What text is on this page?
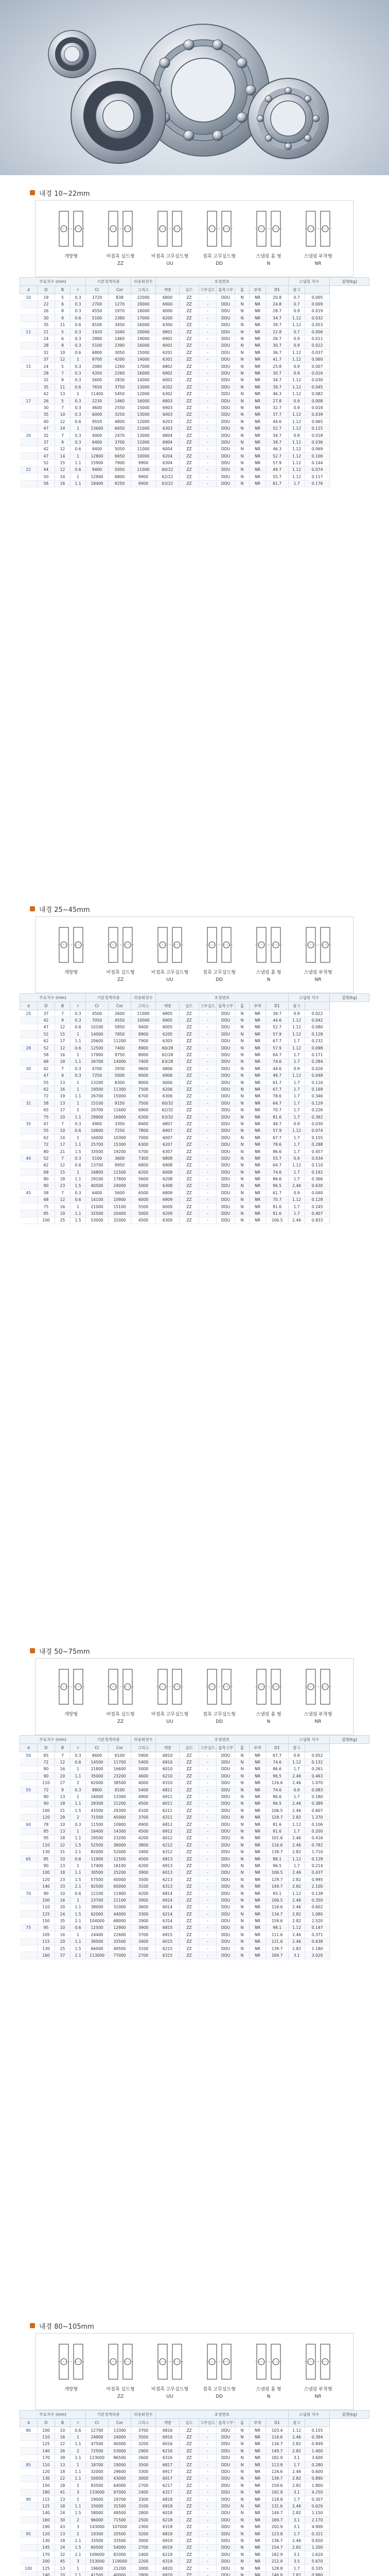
내경 10~22mm
개방형	비접촉 실드형
ZZ
비접촉 고무실드형
UU
접촉 고무실드형
DD
스냅링 홈 형
N
스냅링 부착형
NR
주요치수 (mm)				기본정격하중		허용회전수	호칭번호							스냅링 치수		질량(kg)
d	D	B	r	Cr	Cor	그리스	개방	실드	고무실드	접촉고무	홈	부착	D1	참고		
10	19	5	0.3	1720	838	22000	6800	ZZ	-	DDU	N	NR	20.8	0.7	0.005	
	22	6	0.3	2700	1270	20000	6900	ZZ	-	DDU	N	NR	24.8	0.7	0.009	
	26	8	0.3	4550	1970	18000	6000	ZZ	-	DDU	N	NR	28.7	0.9	0.019	
	30	9	0.6	5100	2390	17000	6200	ZZ	-	DDU	N	NR	34.7	1.12	0.032	
	35	11	0.6	8100	3450	16000	6300	ZZ	-	DDU	N	NR	39.7	1.12	0.053	
12	21	5	0.3	1920	1040	20000	6801	ZZ	-	DDU	N	NR	22.8	0.7	0.006	
	24	6	0.3	2890	1460	19000	6901	ZZ	-	DDU	N	NR	26.7	0.9	0.011	
	28	8	0.3	5100	2390	16000	6001	ZZ	-	DDU	N	NR	30.7	0.9	0.022	
	32	10	0.6	6800	3050	15000	6201	ZZ	-	DDU	N	NR	36.7	1.12	0.037	
	37	12	1	9700	4200	14000	6301	ZZ	-	DDU	N	NR	41.7	1.12	0.060	
15	24	5	0.3	2080	1260	17000	6802	ZZ	-	DDU	N	NR	25.8	0.9	0.007	
	28	7	0.3	4350	2260	16000	6902	ZZ	-	DDU	N	NR	30.7	0.9	0.016	
	32	9	0.3	5600	2830	14000	6002	ZZ	-	DDU	N	NR	34.7	1.12	0.030	
	35	11	0.6	7650	3750	13000	6202	ZZ	-	DDU	N	NR	39.7	1.12	0.045	
	42	13	1	11400	5450	12000	6302	ZZ	-	DDU	N	NR	46.3	1.12	0.082	
17	26	5	0.3	2230	1460	16000	6803	ZZ	-	DDU	N	NR	27.8	0.9	0.008	
	30	7	0.3	4600	2550	15000	6903	ZZ	-	DDU	N	NR	32.7	0.9	0.018	
	35	10	0.3	6000	3250	13000	6003	ZZ	-	DDU	N	NR	37.7	1.12	0.039	
	40	12	0.6	9550	4800	12000	6203	ZZ	-	DDU	N	NR	44.6	1.12	0.065	
	47	14	1	13600	6650	11000	6303	ZZ	-	DDU	N	NR	52.7	1.12	0.115	
20	32	7	0.3	4000	2470	13000	6804	ZZ	-	DDU	N	NR	34.7	0.9	0.018	
	37	9	0.3	6400	3700	12000	6904	ZZ	-	DDU	N	NR	39.7	1.12	0.036	
	42	12	0.6	9400	5050	11000	6004	ZZ	-	DDU	N	NR	46.3	1.12	0.069	
	47	14	1	12800	6650	10000	6204	ZZ	-	DDU	N	NR	52.7	1.12	0.106	
	52	15	1.1	15900	7900	9900	6304	ZZ	-	DDU	N	NR	57.9	1.12	0.144	
22	44	12	0.6	9400	5050	11000	60/22	ZZ	-	DDU	N	NR	49.7	1.12	0.074	
	50	14	1	12900	6800	9900	62/22	ZZ	-	DDU	N	NR	55.7	1.12	0.117	
	56	16	1.1	18400	9250	9400	63/22	ZZ	-	DDU	N	NR	61.7	1.7	0.176	
내경 25~45mm
개방형	비접촉 실드형
ZZ
비접촉 고무실드형
UU
접촉 고무실드형
DD
스냅링 홈 형
N
스냅링 부착형
NR
주요치수 (mm)				기본정격하중		허용회전수	호칭번호							스냅링 치수		질량(kg)
d	D	B	r	Cr	Cor	그리스	개방	실드	고무실드	접촉고무	홈	부착	D1	참고		
25	37	7	0.3	4500	2600	11000	6805	ZZ	-	DDU	N	NR	39.7	0.9	0.022	
	42	9	0.3	7050	4550	10000	6905	ZZ	-	DDU	N	NR	44.6	1.12	0.042	
	47	12	0.6	10100	5850	9400	6005	ZZ	-	DDU	N	NR	52.7	1.12	0.080	
	52	15	1	14000	7850	8900	6205	ZZ	-	DDU	N	NR	57.9	1.12	0.128	
	62	17	1.1	20600	11200	7900	6305	ZZ	-	DDU	N	NR	67.7	1.7	0.232	
28	52	12	0.6	12500	7400	8900	60/28	ZZ	-	DDU	N	NR	57.9	1.12	0.098	
	58	16	1	17900	9750	8000	62/28	ZZ	-	DDU	N	NR	64.7	1.7	0.171	
	68	18	1.1	26700	14000	7400	63/28	ZZ	-	DDU	N	NR	74.6	1.7	0.284	
30	42	7	0.3	4700	2930	9600	6806	ZZ	-	DDU	N	NR	44.6	0.9	0.026	
	47	9	0.3	7250	5000	9000	6906	ZZ	-	DDU	N	NR	49.7	1.12	0.048	
	55	13	1	13200	8300	8000	6006	ZZ	-	DDU	N	NR	61.7	1.7	0.116	
	62	16	1	19500	11300	7500	6206	ZZ	-	DDU	N	NR	67.7	1.7	0.199	
	72	19	1.1	26700	15000	6700	6306	ZZ	-	DDU	N	NR	78.6	1.7	0.346	
32	58	13	1	15100	9150	7500	60/32	ZZ	-	DDU	N	NR	64.7	1.7	0.129	
	65	17	1	20700	11600	6900	62/32	ZZ	-	DDU	N	NR	70.7	1.7	0.226	
	75	20	1.1	29900	16900	6300	63/32	ZZ	-	DDU	N	NR	81.6	1.7	0.392	
35	47	7	0.3	4900	3350	8400	6807	ZZ	-	DDU	N	NR	49.7	0.9	0.030	
	55	10	0.6	10600	7250	7800	6907	ZZ	-	DDU	N	NR	57.9	1.12	0.074	
	62	14	1	16000	10300	7000	6007	ZZ	-	DDU	N	NR	67.7	1.7	0.155	
	72	17	1.1	25700	15300	6300	6207	ZZ	-	DDU	N	NR	78.6	1.7	0.288	
	80	21	1.5	33500	19200	5700	6307	ZZ	-	DDU	N	NR	86.6	1.7	0.457	
40	52	7	0.3	5100	3600	7300	6808	ZZ	-	DDU	N	NR	55.7	0.9	0.034	
	62	12	0.6	13700	9950	6800	6908	ZZ	-	DDU	N	NR	64.7	1.12	0.110	
	68	15	1	16800	11500	6200	6008	ZZ	-	DDU	N	NR	74.6	1.7	0.192	
	80	18	1.1	29100	17800	5600	6208	ZZ	-	DDU	N	NR	86.6	1.7	0.366	
	90	23	1.5	40500	24000	5000	6308	ZZ	-	DDU	N	NR	96.5	2.46	0.630	
45	58	7	0.3	6400	5600	6500	6809	ZZ	-	DDU	N	NR	61.7	0.9	0.040	
	68	12	0.6	14100	10900	6000	6909	ZZ	-	DDU	N	NR	70.7	1.12	0.128	
	75	16	1	21000	15100	5500	6009	ZZ	-	DDU	N	NR	81.6	1.7	0.245	
	85	19	1.1	32500	20400	5000	6209	ZZ	-	DDU	N	NR	91.6	1.7	0.407	
	100	25	1.5	53000	32000	4500	6309	ZZ	-	DDU	N	NR	106.5	2.46	0.833	
내경 50~75mm
개방형	비접촉 실드형
ZZ
비접촉 고무실드형
UU
접촉 고무실드형
DD
스냅링 홈 형
N
스냅링 부착형
NR
주요치수 (mm)				기본정격하중		허용회전수	호칭번호							스냅링 치수		질량(kg)
d	D	B	r	Cr	Cor	그리스	개방	실드	고무실드	접촉고무	홈	부착	D1	참고		
50	65	7	0.3	6600	6100	5900	6810	ZZ	-	DDU	N	NR	67.7	0.9	0.052	
	72	12	0.6	14500	11700	5400	6910	ZZ	-	DDU	N	NR	74.6	1.12	0.132	
	80	16	1	21800	16600	5000	6010	ZZ	-	DDU	N	NR	86.6	1.7	0.261	
	90	20	1.1	35000	23200	4600	6210	ZZ	-	DDU	N	NR	96.5	2.46	0.463	
	110	27	2	62000	38500	4000	6310	ZZ	-	DDU	N	NR	116.6	2.46	1.070	
55	72	9	0.3	8800	8100	5400	6811	ZZ	-	DDU	N	NR	74.6	0.9	0.083	
	80	13	1	16000	13300	4900	6911	ZZ	-	DDU	N	NR	86.6	1.7	0.180	
	90	18	1.1	28300	21200	4500	6011	ZZ	-	DDU	N	NR	96.5	2.46	0.389	
	100	21	1.5	43500	29300	4100	6211	ZZ	-	DDU	N	NR	106.5	2.46	0.607	
	120	29	2	71500	45000	3700	6311	ZZ	-	DDU	N	NR	129.7	2.82	1.370	
60	78	10	0.3	11500	10900	4900	6812	ZZ	-	DDU	N	NR	81.6	1.12	0.106	
	85	13	1	16400	14300	4500	6912	ZZ	-	DDU	N	NR	91.6	1.7	0.200	
	95	18	1.1	29500	23200	4200	6012	ZZ	-	DDU	N	NR	101.6	2.46	0.416	
	110	22	1.5	52500	36000	3800	6212	ZZ	-	DDU	N	NR	116.6	2.46	0.782	
	130	31	2.1	82000	52000	3400	6312	ZZ	-	DDU	N	NR	139.7	2.82	1.710	
65	85	10	0.6	11900	11500	4500	6813	ZZ	-	DDU	N	NR	88.1	1.12	0.128	
	90	13	1	17400	16100	4200	6913	ZZ	-	DDU	N	NR	96.5	1.7	0.214	
	100	18	1.1	30500	25200	3900	6013	ZZ	-	DDU	N	NR	106.5	2.46	0.437	
	120	23	1.5	57500	40000	3500	6213	ZZ	-	DDU	N	NR	129.7	2.82	0.995	
	140	33	2.1	92500	60000	3100	6313	ZZ	-	DDU	N	NR	149.7	2.82	2.100	
70	90	10	0.6	12100	11900	4200	6814	ZZ	-	DDU	N	NR	93.1	1.12	0.138	
	100	16	1	23700	21100	3900	6914	ZZ	-	DDU	N	NR	106.5	2.46	0.350	
	110	20	1.1	38000	31000	3600	6014	ZZ	-	DDU	N	NR	116.6	2.46	0.602	
	125	24	1.5	62000	44000	3300	6214	ZZ	-	DDU	N	NR	134.7	2.82	1.080	
	150	35	2.1	104000	68000	2900	6314	ZZ	-	DDU	N	NR	159.6	2.82	2.520	
75	95	10	0.6	12500	12900	3900	6815	ZZ	-	DDU	N	NR	98.1	1.12	0.147	
	105	16	1	24400	22600	3700	6915	ZZ	-	DDU	N	NR	111.6	2.46	0.371	
	115	20	1.1	39500	33500	3400	6015	ZZ	-	DDU	N	NR	121.6	2.46	0.638	
	130	25	1.5	66000	49500	3100	6215	ZZ	-	DDU	N	NR	139.7	2.82	1.180	
	160	37	2.1	113000	77000	2700	6315	ZZ	-	DDU	N	NR	169.7	3.1	3.020	
내경 80~105mm
개방형	비접촉 실드형
ZZ
비접촉 고무실드형
UU
접촉 고무실드형
DD
스냅링 홈 형
N
스냅링 부착형
NR
주요치수 (mm)				기본정격하중		허용회전수	호칭번호							스냅링 치수		질량(kg)
d	D	B	r	Cr	Cor	그리스	개방	실드	고무실드	접촉고무	홈	부착	D1	참고		
80	100	10	0.6	12700	13300	3700	6816	ZZ	-	DDU	N	NR	103.4	1.12	0.155	
	110	16	1	24900	24000	3500	6916	ZZ	-	DDU	N	NR	116.6	2.46	0.394	
	125	22	1.1	47500	40000	3200	6016	ZZ	-	DDU	N	NR	134.7	2.82	0.849	
	140	26	2	72500	53000	2900	6216	ZZ	-	DDU	N	NR	149.7	2.82	1.400	
	170	39	2.1	123000	86500	2600	6316	ZZ	-	DDU	N	NR	182.9	3.1	3.600	
85	110	13	1	18700	19000	3500	6817	ZZ	-	DDU	N	NR	113.8	1.7	0.280	
	120	18	1.1	32000	29600	3300	6917	ZZ	-	DDU	N	NR	126.6	2.46	0.600	
	130	22	1.1	50000	43000	3000	6017	ZZ	-	DDU	N	NR	139.7	2.82	0.890	
	150	28	2	83500	64000	2700	6217	ZZ	-	DDU	N	NR	159.6	2.82	1.800	
	180	41	3	133000	97000	2400	6317	ZZ	-	DDU	N	NR	192.9	3.1	4.250	
90	115	13	1	19000	19700	3300	6818	ZZ	-	DDU	N	NR	118.8	1.7	0.307	
	125	18	1.1	33000	31500	3100	6918	ZZ	-	DDU	N	NR	131.6	2.46	0.620	
	140	24	1.5	58000	49500	2800	6018	ZZ	-	DDU	N	NR	149.7	2.82	1.150	
	160	30	2	96000	71500	2500	6218	ZZ	-	DDU	N	NR	169.7	3.1	2.170	
	190	43	3	143000	107000	2300	6318	ZZ	-	DDU	N	NR	202.9	3.1	4.900	
95	120	13	1	19300	20500	3200	6819	ZZ	-	DDU	N	NR	123.8	1.7	0.321	
	130	18	1.1	33500	33500	3000	6919	ZZ	-	DDU	N	NR	136.7	2.46	0.650	
	145	24	1.5	60500	54000	2700	6019	ZZ	-	DDU	N	NR	154.7	2.82	1.200	
	170	32	2.1	109000	82000	2400	6219	ZZ	-	DDU	N	NR	182.9	3.1	2.620	
	200	45	3	153000	119000	2200	6319	ZZ	-	DDU	N	NR	212.9	3.5	5.670	
100	125	13	1	19600	21200	3000	6820	ZZ	-	DDU	N	NR	128.8	1.7	0.335	
	140	20	1.1	41500	40000	2800	6920	ZZ	-	DDU	N	NR	146.8	2.82	0.880	
